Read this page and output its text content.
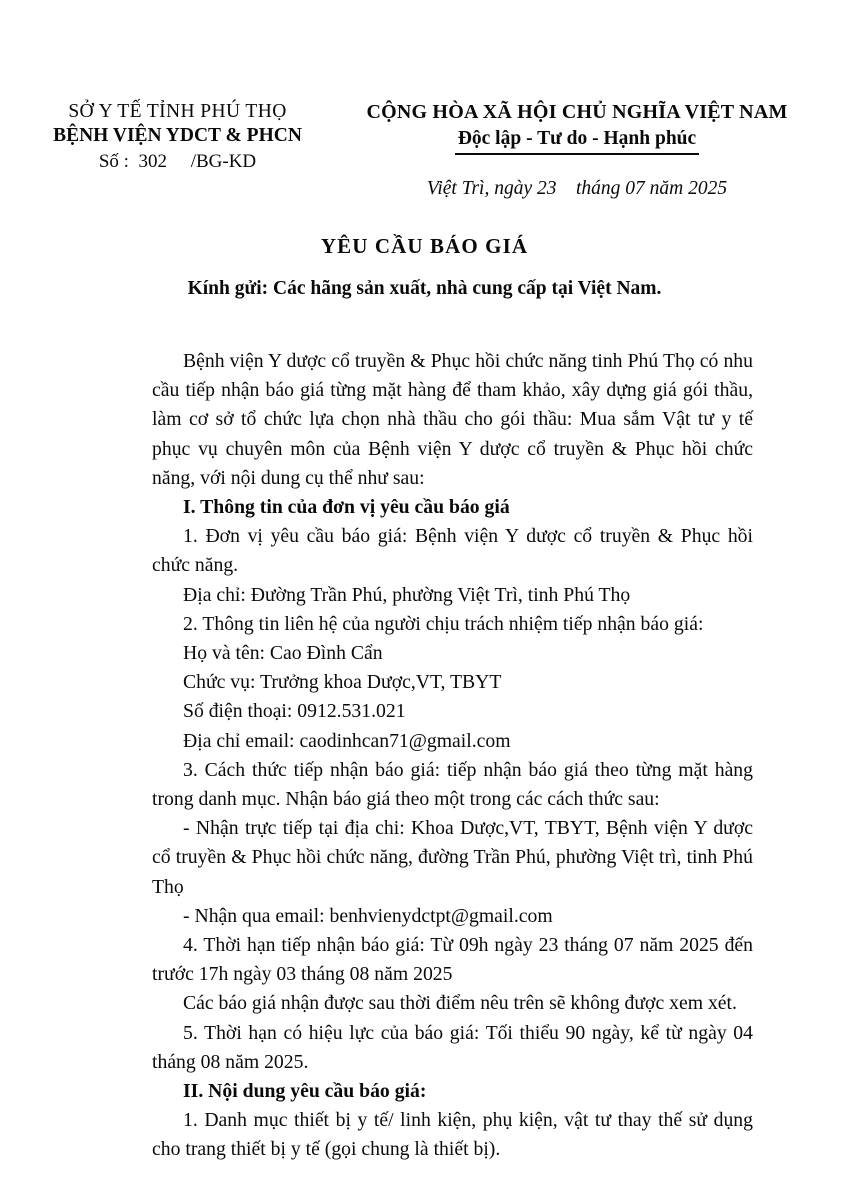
SỞ Y TẾ TỈNH PHÚ THỌ
BỆNH VIỆN YDCT & PHCN
Số :  302     /BG-KD
CỘNG HÒA XÃ HỘI CHỦ NGHĨA VIỆT NAM
Độc lập - Tư do - Hạnh phúc
Việt Trì, ngày 23    tháng 07 năm 2025
YÊU CẦU BÁO GIÁ
Kính gửi: Các hãng sản xuất, nhà cung cấp tại Việt Nam.

Bệnh viện Y dược cổ truyền & Phục hồi chức năng tinh Phú Thọ có nhu cầu tiếp nhận báo giá từng mặt hàng để tham khảo, xây dựng giá gói thầu, làm cơ sở tổ chức lựa chọn nhà thầu cho gói thầu: Mua sắm Vật tư y tế phục vụ chuyên môn của Bệnh viện Y dược cổ truyền & Phục hồi chức năng, với nội dung cụ thể như sau:

I. Thông tin của đơn vị yêu cầu báo giá

1. Đơn vị yêu cầu báo giá: Bệnh viện Y dược cổ truyền & Phục hồi chức năng.

Địa chỉ: Đường Trần Phú, phường Việt Trì, tinh Phú Thọ

2. Thông tin liên hệ của người chịu trách nhiệm tiếp nhận báo giá:

Họ và tên: Cao Đình Cẩn

Chức vụ: Trưởng khoa Dược,VT, TBYT

Số điện thoại: 0912.531.021

Địa chỉ email: caodinhcan71@gmail.com

3. Cách thức tiếp nhận báo giá: tiếp nhận báo giá theo từng mặt hàng trong danh mục. Nhận báo giá theo một trong các cách thức sau:

- Nhận trực tiếp tại địa chi: Khoa Dược,VT, TBYT, Bệnh viện Y dược cổ truyền & Phục hồi chức năng, đường Trần Phú, phường Việt trì, tinh Phú Thọ

- Nhận qua email: benhvienydctpt@gmail.com

4. Thời hạn tiếp nhận báo giá: Từ 09h ngày 23 tháng 07 năm 2025 đến trước 17h ngày 03 tháng 08 năm 2025

Các báo giá nhận được sau thời điểm nêu trên sẽ không được xem xét.

5. Thời hạn có hiệu lực của báo giá: Tối thiểu 90 ngày, kể từ ngày 04 tháng 08 năm 2025.

II. Nội dung yêu cầu báo giá:

1. Danh mục thiết bị y tế/ linh kiện, phụ kiện, vật tư thay thế sử dụng cho trang thiết bị y tế (gọi chung là thiết bị).
